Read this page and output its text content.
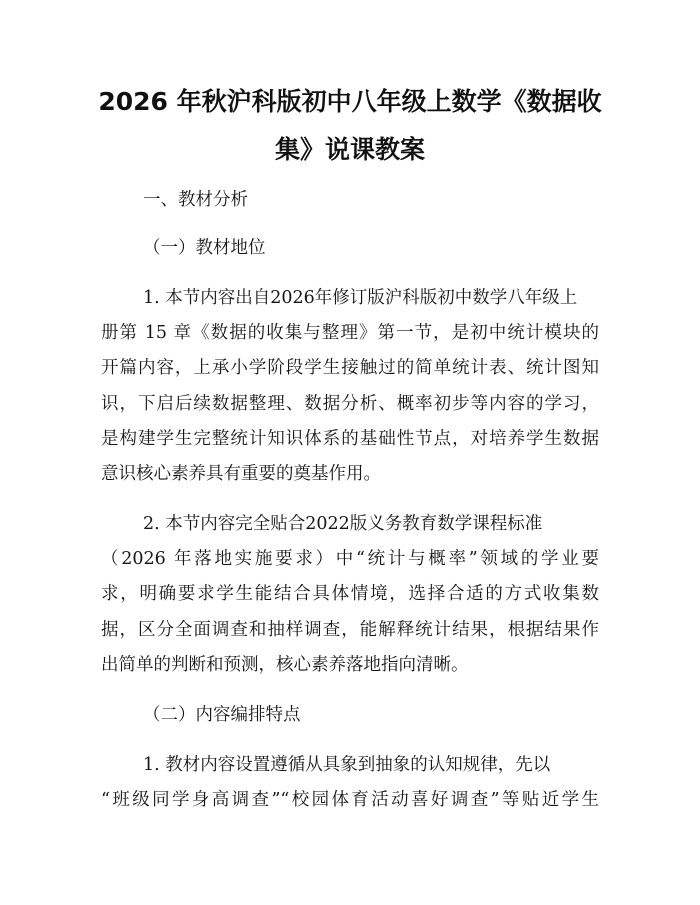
2026 年秋沪科版初中八年级上数学《数据收
集》说课教案
一、教材分析
（一）教材地位
1. 本节内容出自2026年修订版沪科版初中数学八年级上
册第 15 章《数据的收集与整理》第一节，是初中统计模块的
开篇内容，上承小学阶段学生接触过的简单统计表、统计图知
识，下启后续数据整理、数据分析、概率初步等内容的学习，
是构建学生完整统计知识体系的基础性节点，对培养学生数据
意识核心素养具有重要的奠基作用。
2. 本节内容完全贴合2022版义务教育数学课程标准
（2026 年落地实施要求）中“统计与概率”领域的学业要
求，明确要求学生能结合具体情境，选择合适的方式收集数
据，区分全面调查和抽样调查，能解释统计结果，根据结果作
出简单的判断和预测，核心素养落地指向清晰。
（二）内容编排特点
1. 教材内容设置遵循从具象到抽象的认知规律，先以
“班级同学身高调查”“校园体育活动喜好调查”等贴近学生
